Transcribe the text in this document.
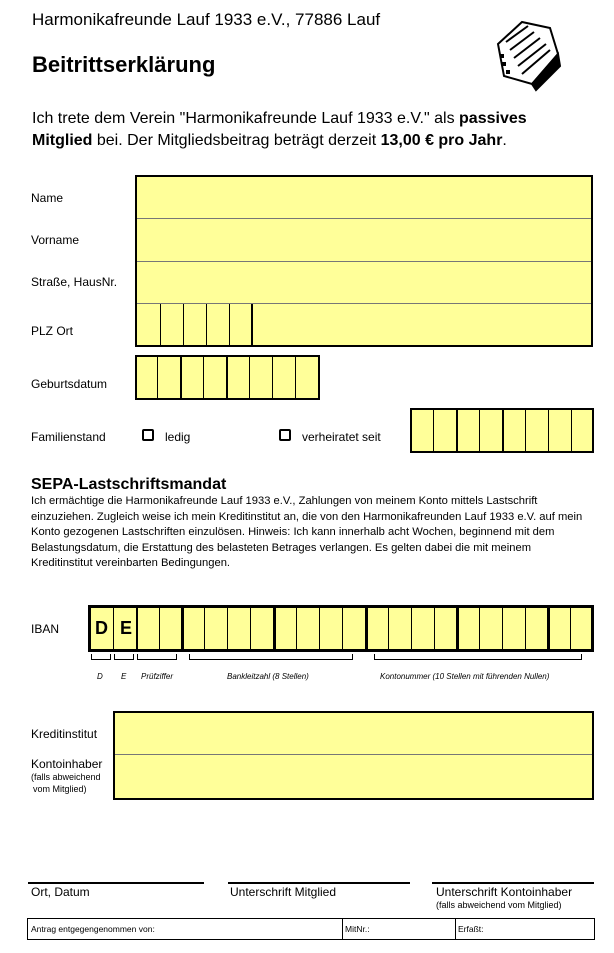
Harmonikafreunde Lauf 1933 e.V., 77886 Lauf
Beitrittserklärung
Ich trete dem Verein "Harmonikafreunde Lauf 1933 e.V." als passives Mitglied bei. Der Mitgliedsbeitrag beträgt derzeit 13,00 € pro Jahr.
Name
Vorname
Straße, HausNr.
PLZ Ort
Geburtsdatum
Familienstand	ledig	verheiratet seit
SEPA-Lastschriftsmandat
Ich ermächtige die Harmonikafreunde Lauf 1933 e.V., Zahlungen von meinem Konto mittels Lastschrift einzuziehen. Zugleich weise ich mein Kreditinstitut an, die von den Harmonikafreunden Lauf 1933 e.V. auf mein Konto gezogenen Lastschriften einzulösen. Hinweis: Ich kann innerhalb acht Wochen, beginnend mit dem Belastungsdatum, die Erstattung des belasteten Betrages verlangen. Es gelten dabei die mit meinem Kreditinstitut vereinbarten Bedingungen.
IBAN D E
D E Prüfziffer	Bankleitzahl (8 Stellen)	Kontonummer (10 Stellen mit führenden Nullen)
Kreditinstitut
Kontoinhaber
(falls abweichend
vom Mitglied)
Ort, Datum	Unterschrift Mitglied	Unterschrift Kontoinhaber
(falls abweichend vom Mitglied)
Antrag entgegengenommen von:	MitNr.:	Erfaßt:
